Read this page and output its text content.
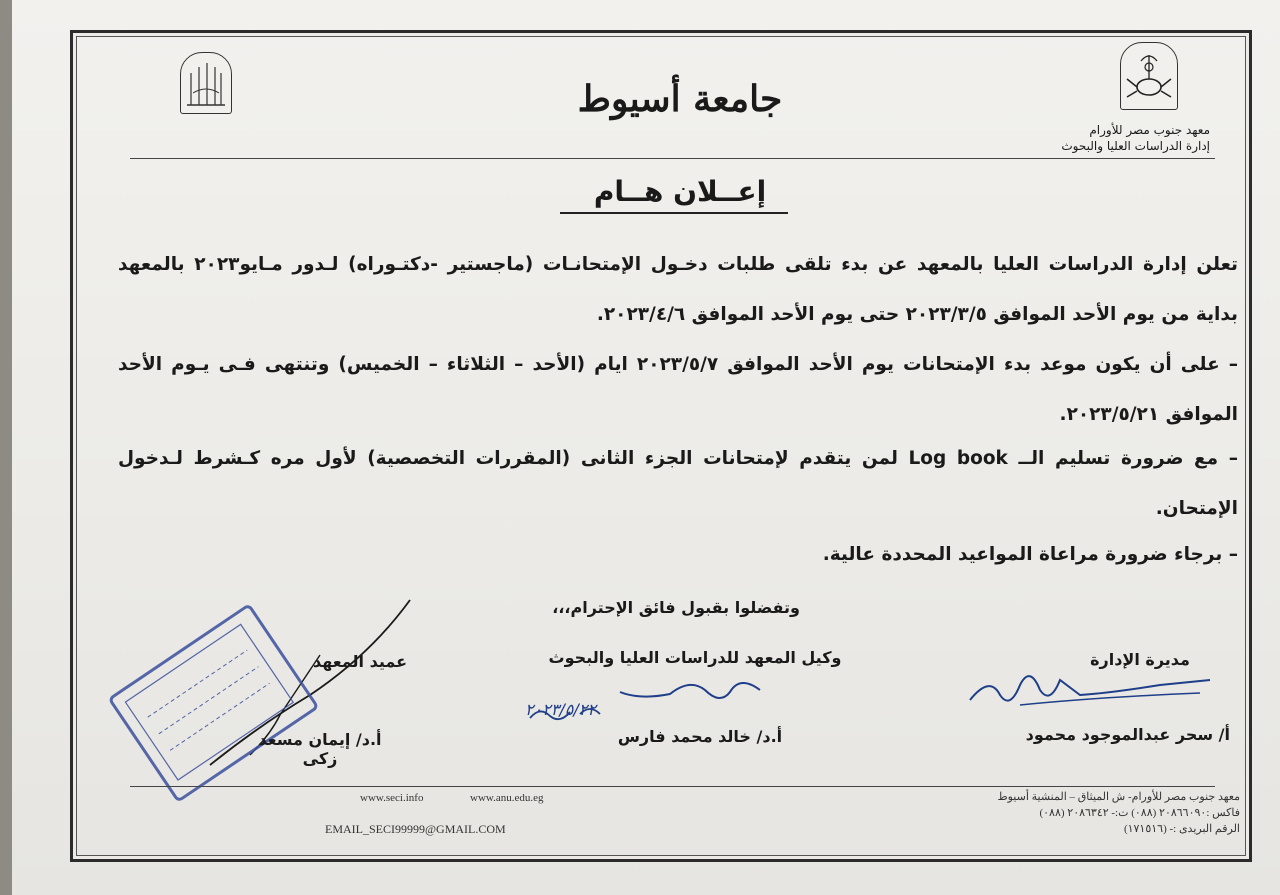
جامعة أسيوط
معهد جنوب مصر للأورام
إدارة الدراسات العليا والبحوث
إعــلان هــام
تعلن إدارة الدراسات العليا بالمعهد عن بدء تلقى طلبات دخـول الإمتحانـات (ماجستير -دكتـوراه) لـدور مـايو٢٠٢٣ بالمعهد بداية من يوم الأحد الموافق ٢٠٢٣/٣/٥ حتى يوم الأحد الموافق ٢٠٢٣/٤/٦.
– على أن يكون موعد بدء الإمتحانات يوم الأحد الموافق ٢٠٢٣/٥/٧ ايام (الأحد – الثلاثاء – الخميس) وتنتهى فـى يـوم الأحد الموافق ٢٠٢٣/٥/٢١.
– مع ضرورة تسليم الــ Log book لمن يتقدم لإمتحانات الجزء الثانى (المقررات التخصصية) لأول مره كـشرط لـدخول الإمتحان.
– برجاء ضرورة مراعاة المواعيد المحددة عالية.
وتفضلوا بقبول فائق الإحترام،،،
مديرة الإدارة
وكيل المعهد للدراسات العليا والبحوث
عميد المعهد
٢٠٢٣/٥/٢٢
أ/ سحر عبدالموجود محمود
أ.د/ خالد محمد فارس
أ.د/ إيمان مسعد زكى
www.seci.info	www.anu.edu.eg
EMAIL_SECI99999@GMAIL.COM
معهد جنوب مصر للأورام- ش الميثاق – المنشية أسيوط
فاكس :٢٠٨٦٦٠٩٠ (٠٨٨) ت:- ٢٠٨٦٣٤٢ (٠٨٨)
الرقم البريدى :- (١٧١٥١٦)
